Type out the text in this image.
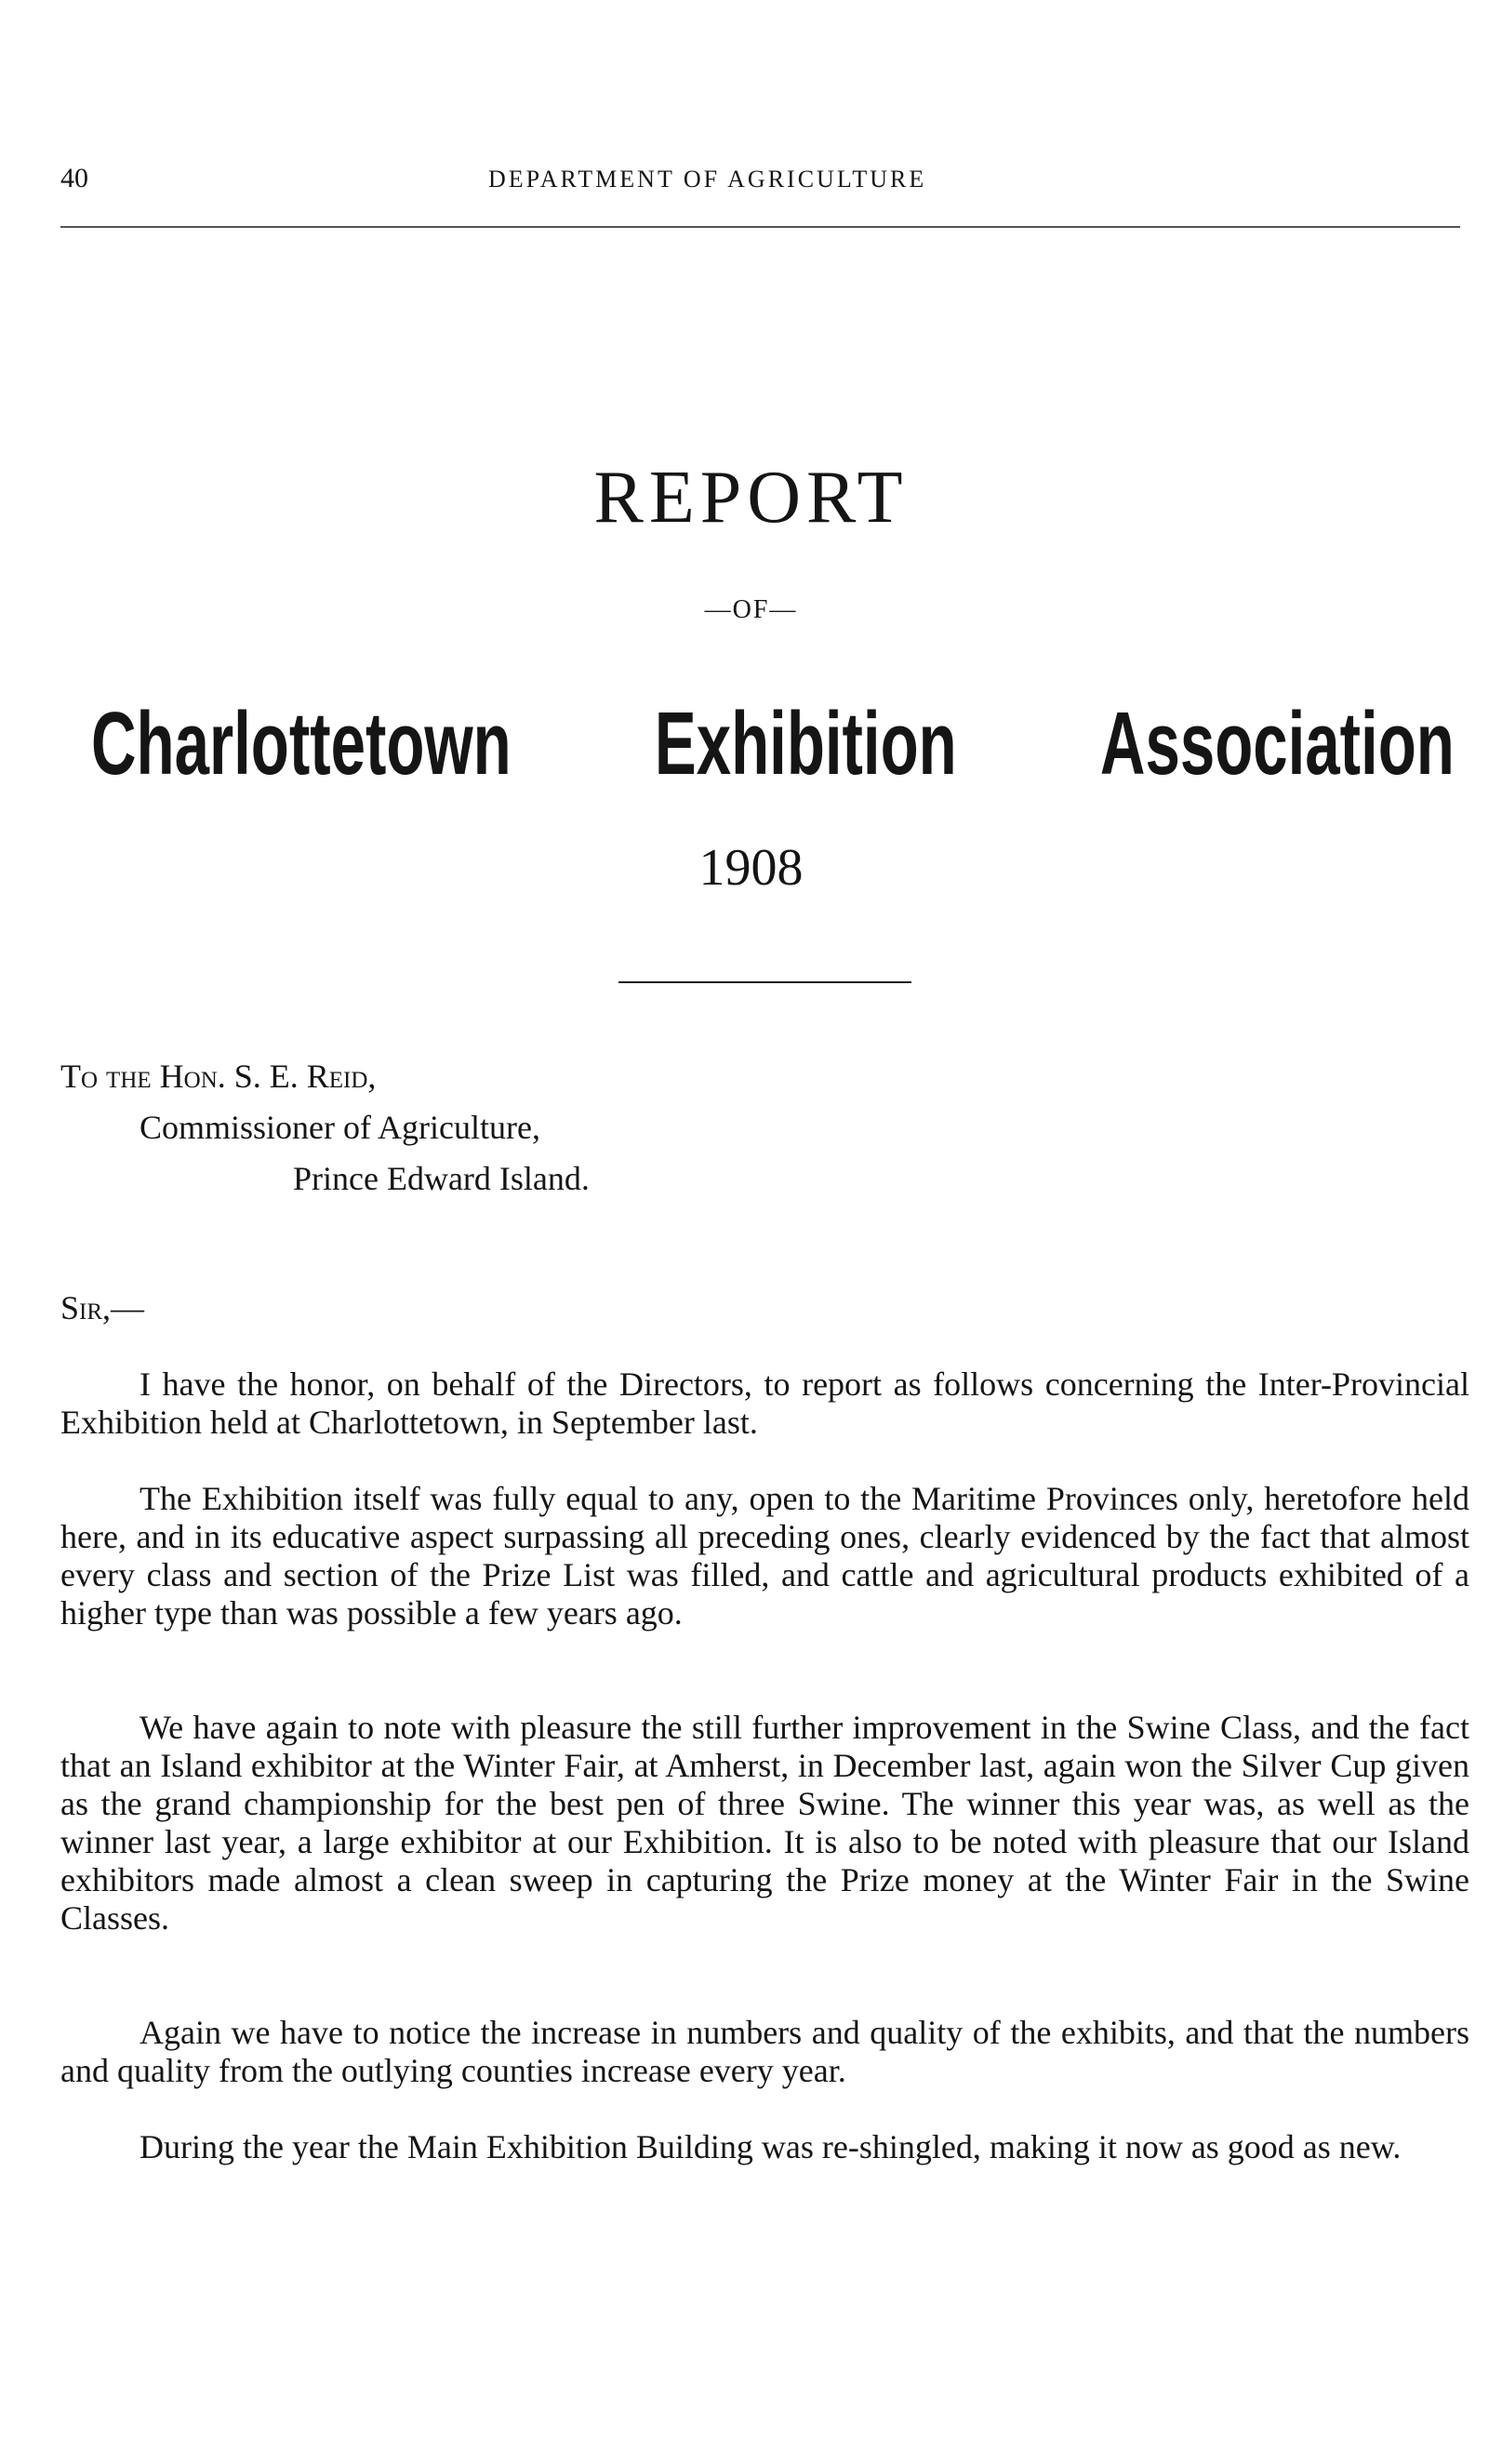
40	DEPARTMENT OF AGRICULTURE
REPORT
—OF—
Charlottetown Exhibition Association
1908
To the Hon. S. E. Reid,
Commissioner of Agriculture,
Prince Edward Island.
Sir,—

I have the honor, on behalf of the Directors, to report as follows concerning the Inter-Provincial Exhibition held at Charlottetown, in September last.

The Exhibition itself was fully equal to any, open to the Maritime Provinces only, heretofore held here, and in its educative aspect surpassing all preceding ones, clearly evidenced by the fact that almost every class and section of the Prize List was filled, and cattle and agricultural products exhibited of a higher type than was possible a few years ago.

We have again to note with pleasure the still further improvement in the Swine Class, and the fact that an Island exhibitor at the Winter Fair, at Amherst, in December last, again won the Silver Cup given as the grand championship for the best pen of three Swine. The winner this year was, as well as the winner last year, a large exhibitor at our Exhibition. It is also to be noted with pleasure that our Island exhibitors made almost a clean sweep in capturing the Prize money at the Winter Fair in the Swine Classes.

Again we have to notice the increase in numbers and quality of the exhibits, and that the numbers and quality from the outlying counties increase every year.

During the year the Main Exhibition Building was re-shingled, making it now as good as new.
